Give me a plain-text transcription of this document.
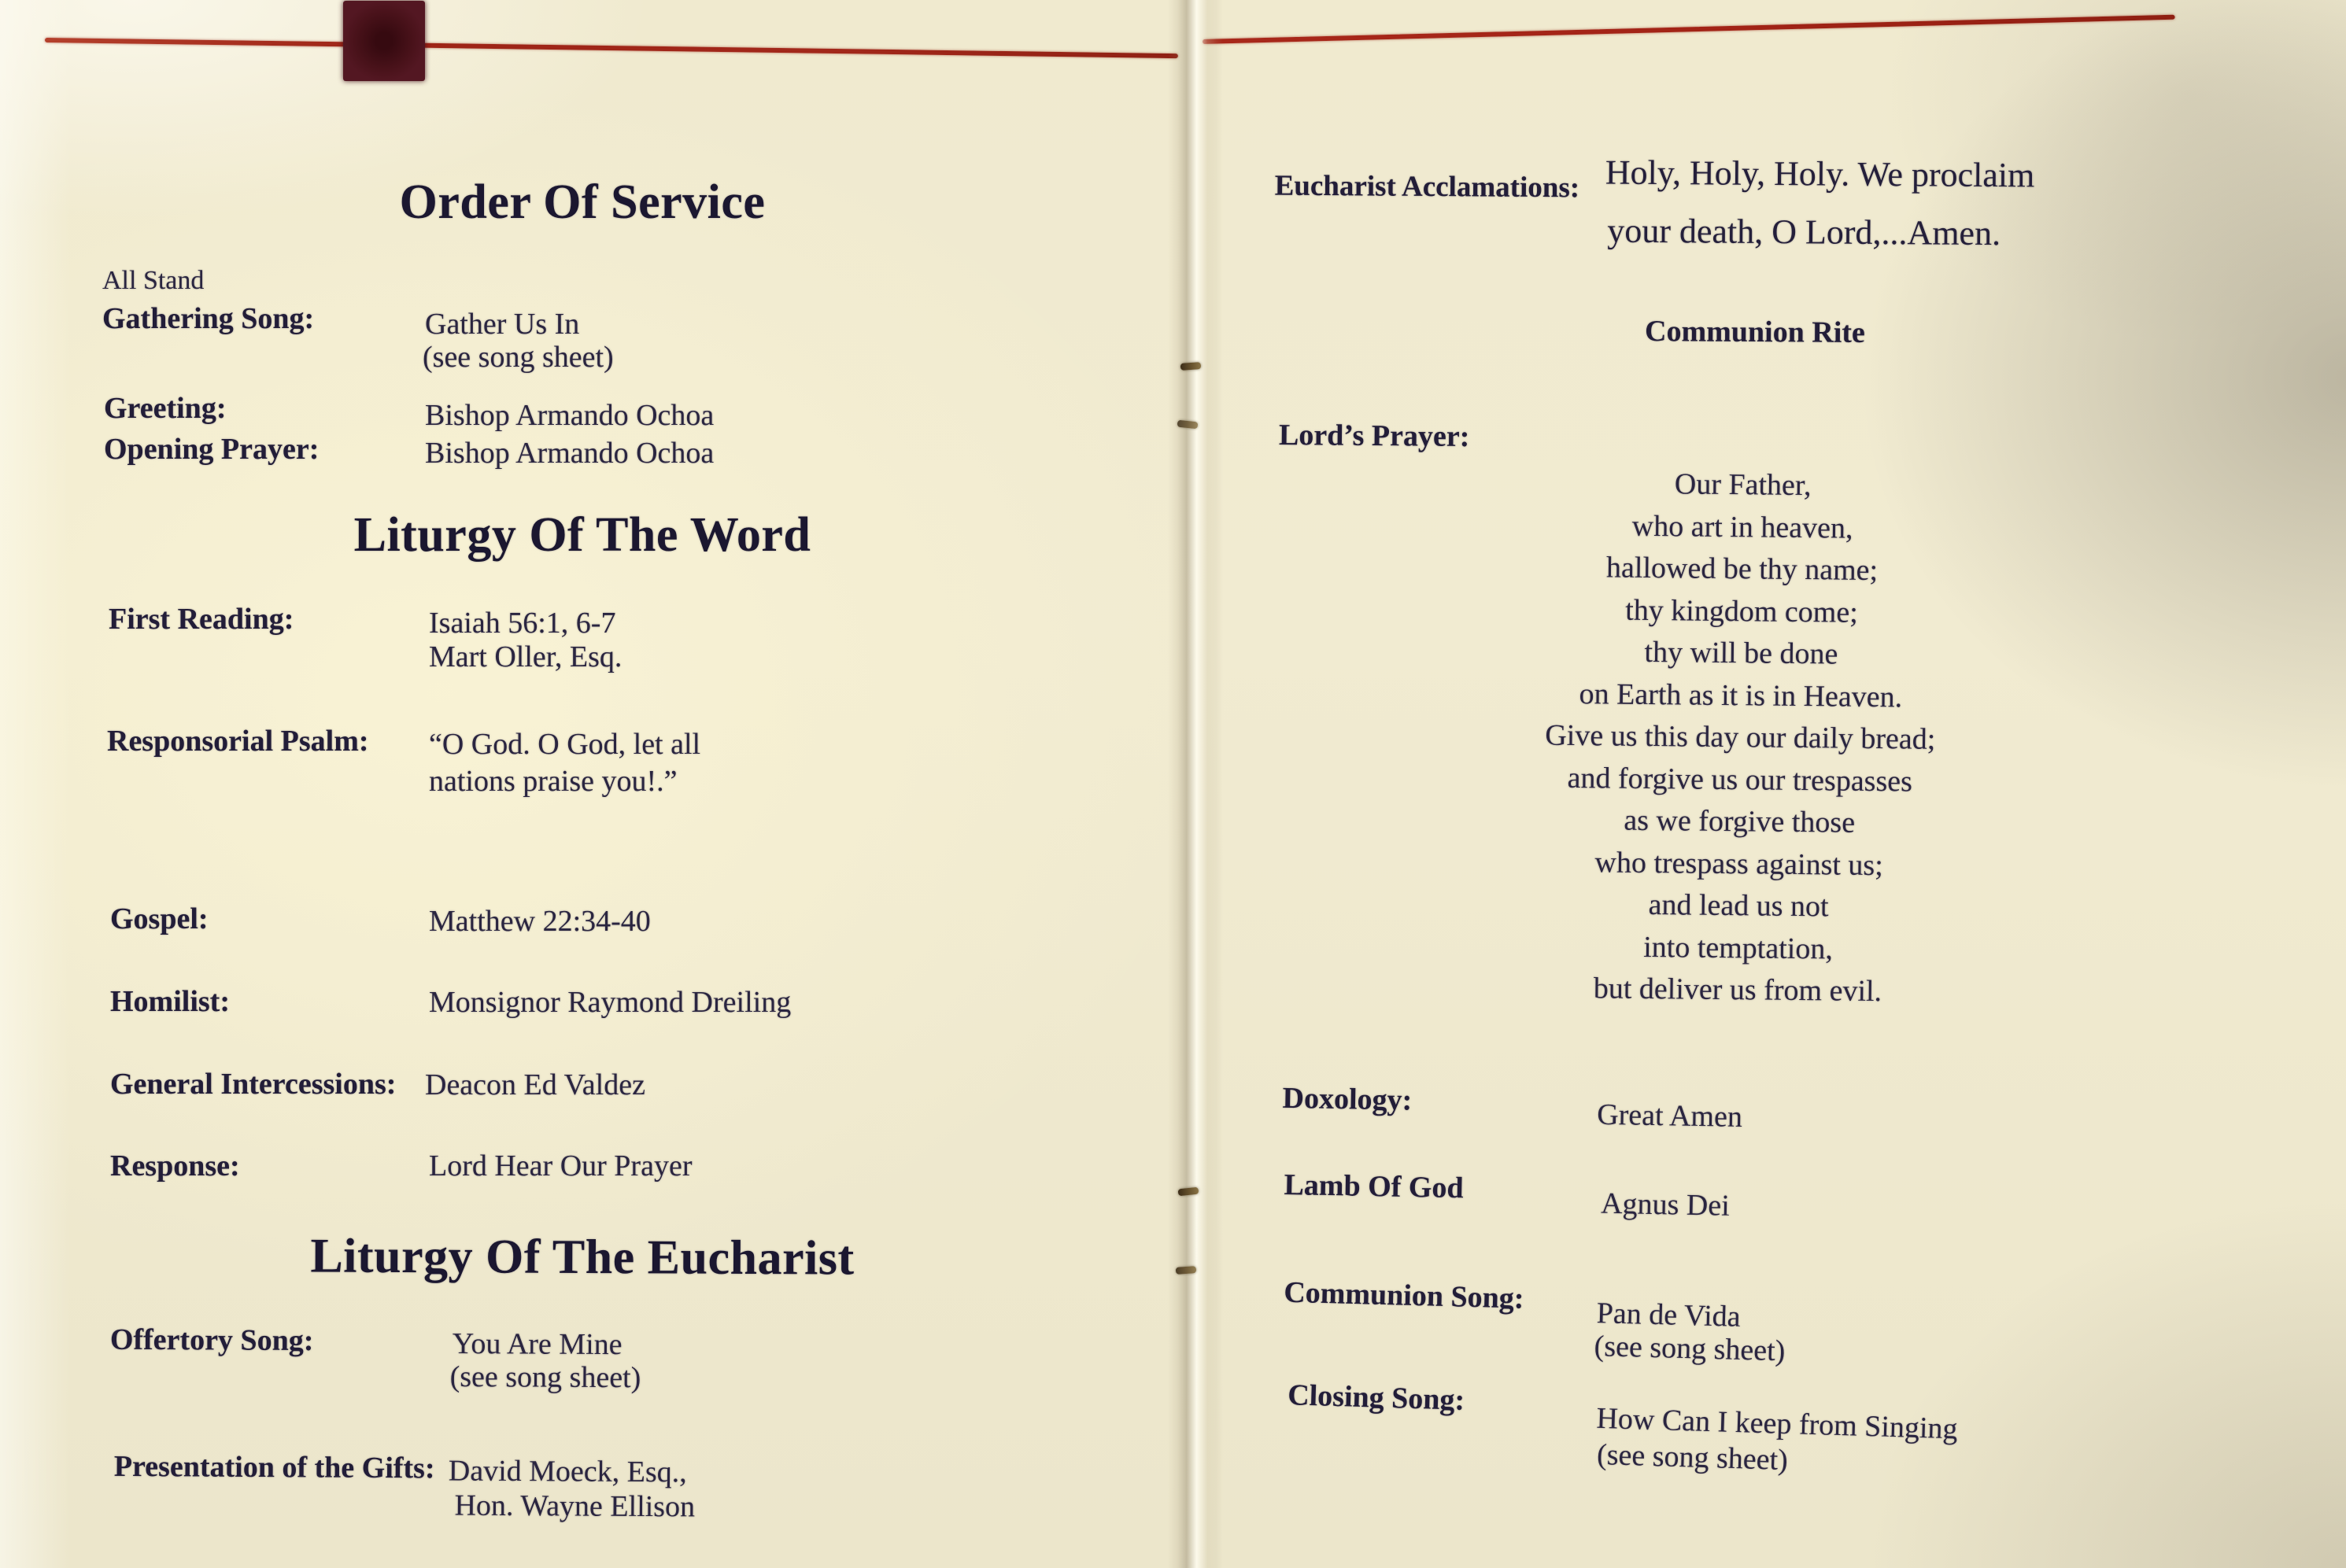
Order Of Service
All Stand
Gathering Song:	Gather Us In
(see song sheet)
Greeting:	Bishop Armando Ochoa
Opening Prayer:	Bishop Armando Ochoa
Liturgy Of The Word
First Reading:	Isaiah 56:1, 6-7
Mart Oller, Esq.
Responsorial Psalm: “O God. O God, let all
nations praise you!.”
Gospel:	Matthew 22:34-40
Homilist:	Monsignor Raymond Dreiling
General Intercessions: Deacon Ed Valdez
Response:	Lord Hear Our Prayer
Liturgy Of The Eucharist
Offertory Song:	You Are Mine
(see song sheet)
Presentation of the Gifts: David Moeck, Esq.,
Hon. Wayne Ellison
Eucharist Acclamations: Holy, Holy, Holy. We proclaim
your death, O Lord,...Amen.
Communion Rite
Lord’s Prayer:
Our Father,
who art in heaven,
hallowed be thy name;
thy kingdom come;
thy will be done
on Earth as it is in Heaven.
Give us this day our daily bread;
and forgive us our trespasses
as we forgive those
who trespass against us;
and lead us not
into temptation,
but deliver us from evil.
Doxology:	Great Amen
Lamb Of God	Agnus Dei
Communion Song: Pan de Vida
(see song sheet)
Closing Song:
How Can I keep from Singing
(see song sheet)
